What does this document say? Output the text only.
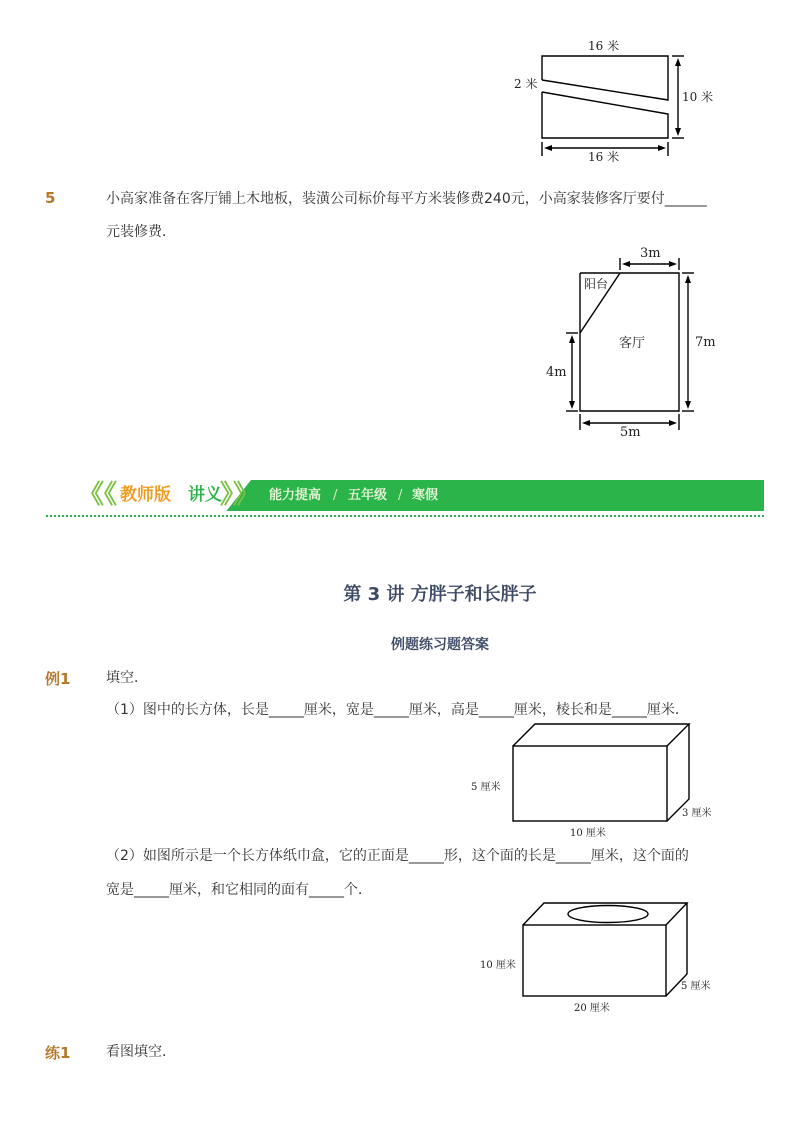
16 米
2 米
10 米
16 米
5	小高家准备在客厅铺上木地板，装潢公司标价每平方米装修费240元，小高家装修客厅要付______
元装修费．
3m
阳台
客厅	7m
4m
5m
《《 教师版 讲义
》》 能力提高 / 五年级 / 寒假
第 3 讲 方胖子和长胖子
例题练习题答案
例1	填空．
（1）图中的长方体，长是_____厘米，宽是_____厘米，高是_____厘米，棱长和是_____厘米．
5 厘米
3 厘米
10 厘米
（2）如图所示是一个长方体纸巾盒，它的正面是_____形，这个面的长是_____厘米，这个面的
宽是_____厘米，和它相同的面有_____个．
10 厘米
5 厘米
20 厘米
练1	看图填空．
